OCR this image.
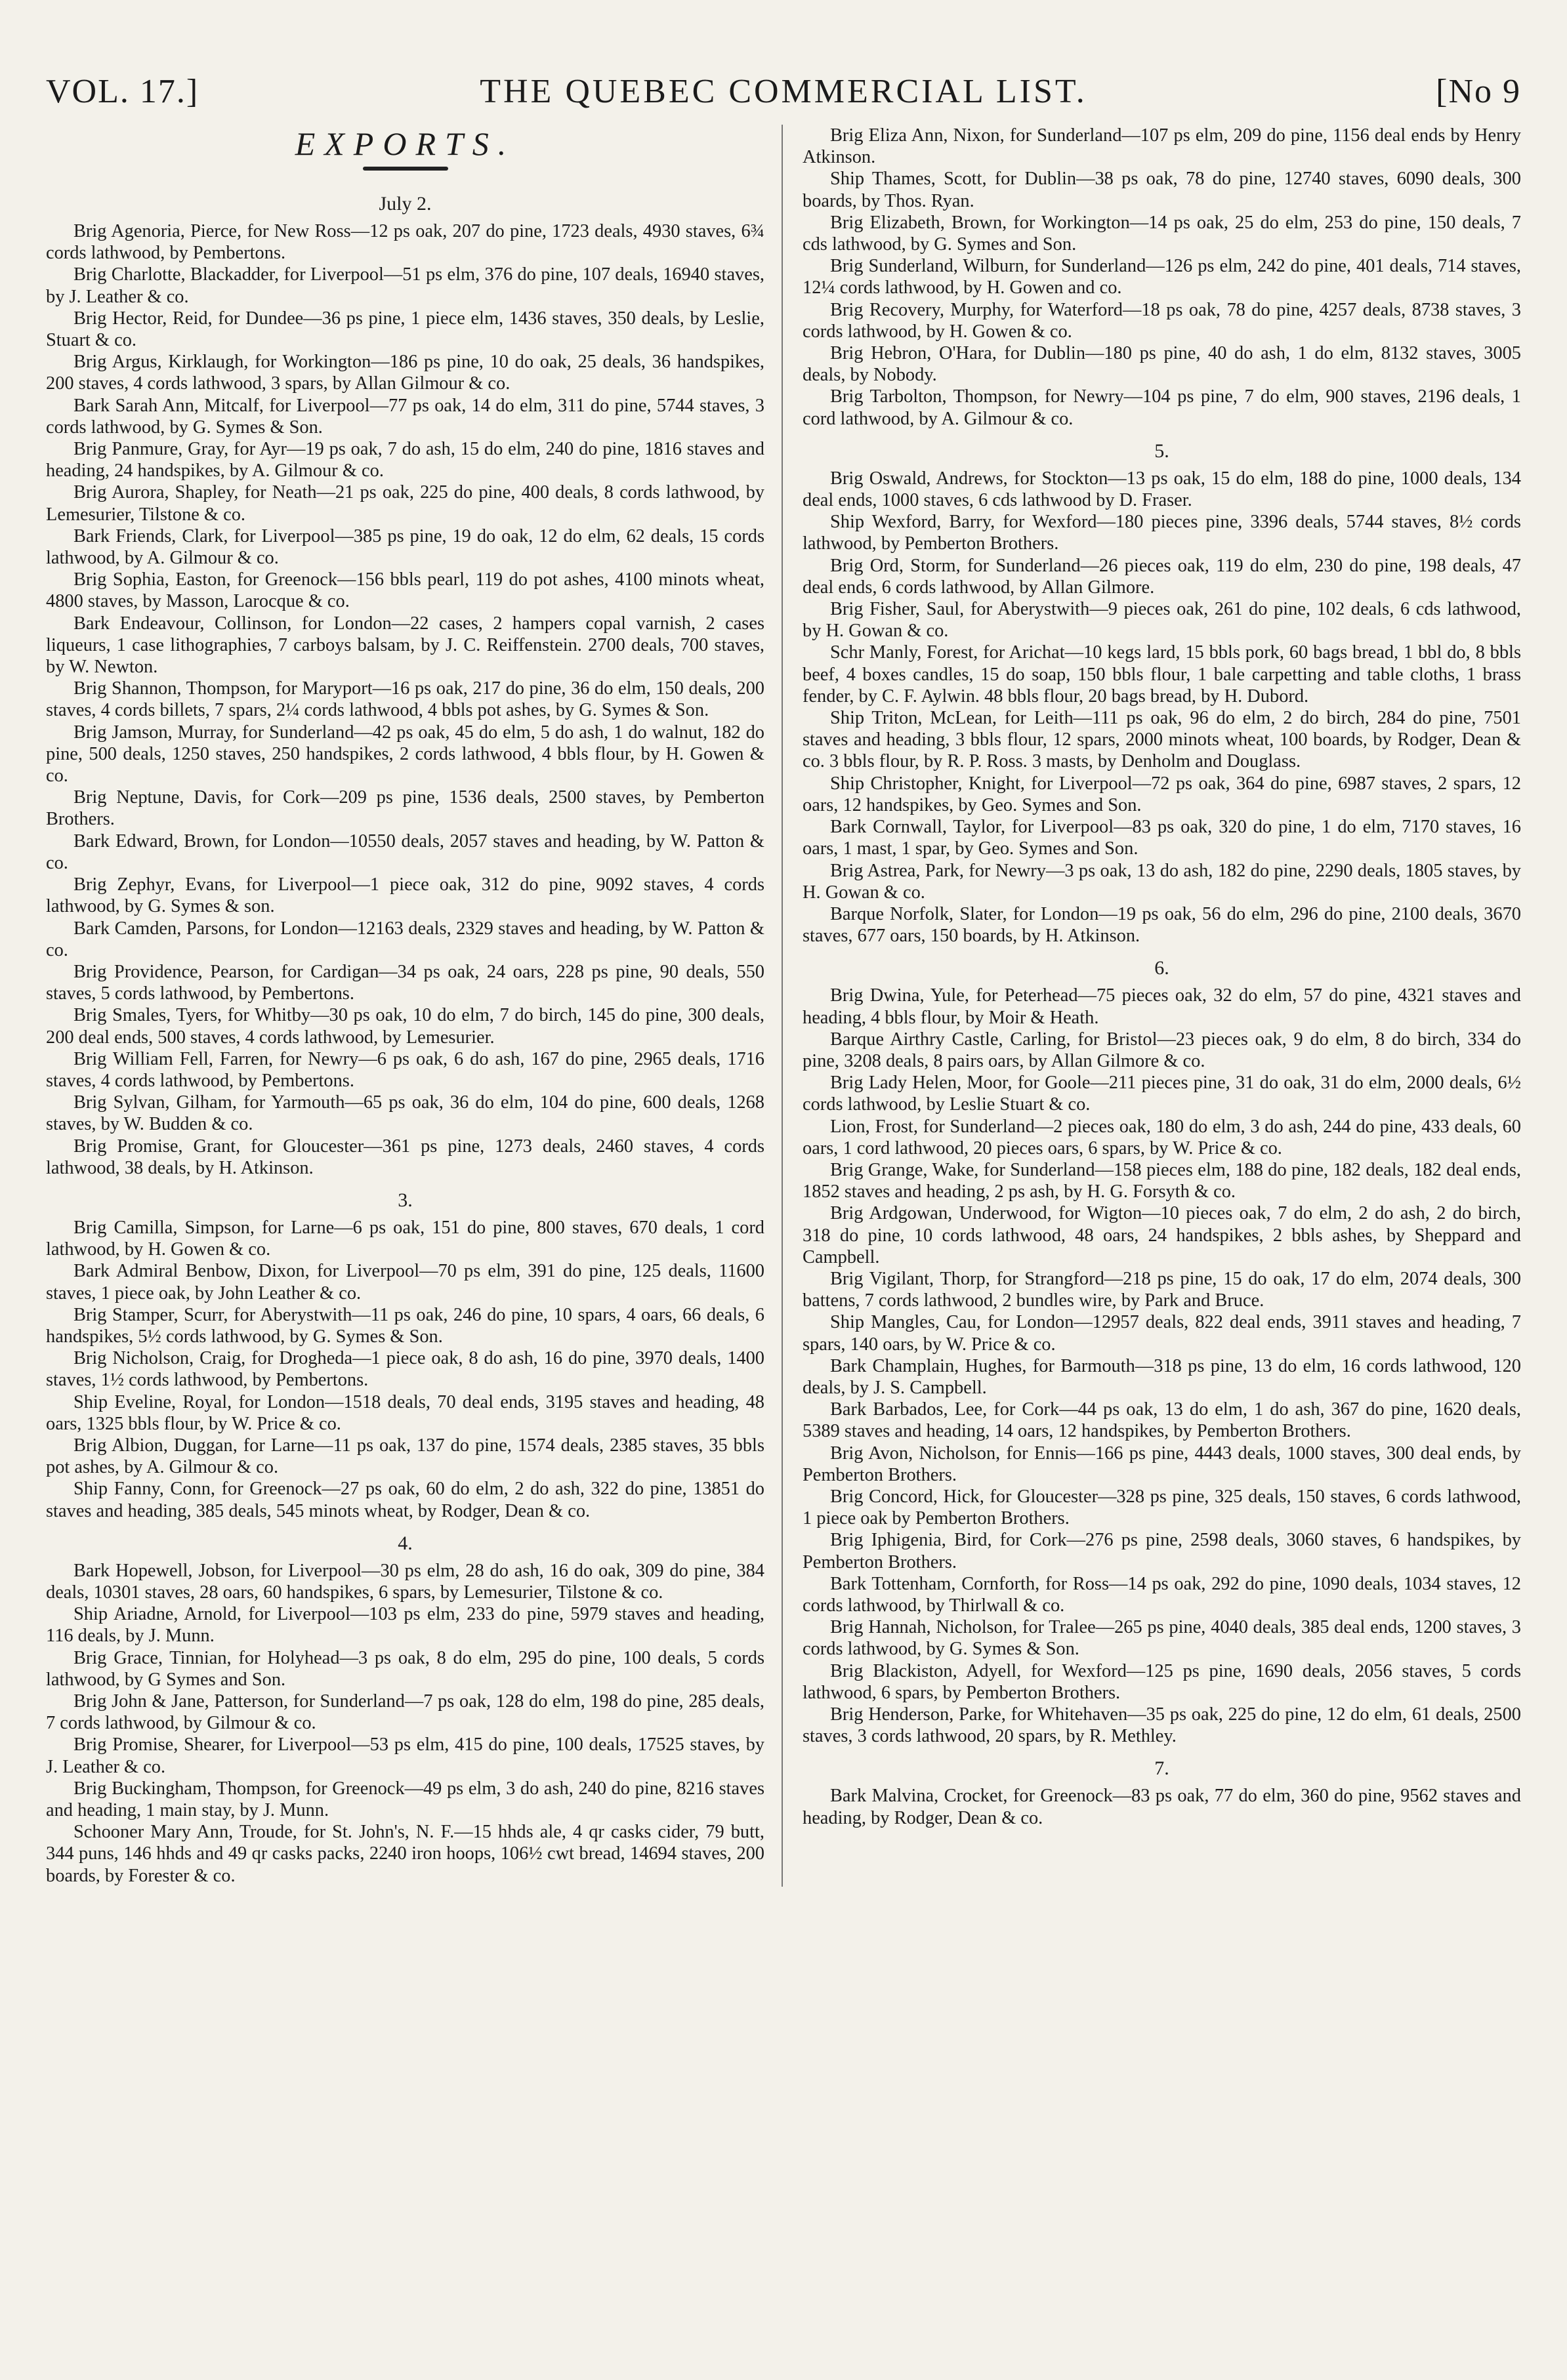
VOL. 17.]	THE QUEBEC COMMERCIAL LIST.	[No 9
EXPORTS.
July 2.

Brig Agenoria, Pierce, for New Ross—12 ps oak, 207 do pine, 1723 deals, 4930 staves, 6¾ cords lathwood, by Pembertons.

Brig Charlotte, Blackadder, for Liverpool—51 ps elm, 376 do pine, 107 deals, 16940 staves, by J. Leather & co.

Brig Hector, Reid, for Dundee—36 ps pine, 1 piece elm, 1436 staves, 350 deals, by Leslie, Stuart & co.

Brig Argus, Kirklaugh, for Workington—186 ps pine, 10 do oak, 25 deals, 36 handspikes, 200 staves, 4 cords lathwood, 3 spars, by Allan Gilmour & co.

Bark Sarah Ann, Mitcalf, for Liverpool—77 ps oak, 14 do elm, 311 do pine, 5744 staves, 3 cords lathwood, by G. Symes & Son.

Brig Panmure, Gray, for Ayr—19 ps oak, 7 do ash, 15 do elm, 240 do pine, 1816 staves and heading, 24 handspikes, by A. Gilmour & co.

Brig Aurora, Shapley, for Neath—21 ps oak, 225 do pine, 400 deals, 8 cords lathwood, by Lemesurier, Tilstone & co.

Bark Friends, Clark, for Liverpool—385 ps pine, 19 do oak, 12 do elm, 62 deals, 15 cords lathwood, by A. Gilmour & co.

Brig Sophia, Easton, for Greenock—156 bbls pearl, 119 do pot ashes, 4100 minots wheat, 4800 staves, by Masson, Larocque & co.

Bark Endeavour, Collinson, for London—22 cases, 2 hampers copal varnish, 2 cases liqueurs, 1 case lithographies, 7 carboys balsam, by J. C. Reiffenstein. 2700 deals, 700 staves, by W. Newton.

Brig Shannon, Thompson, for Maryport—16 ps oak, 217 do pine, 36 do elm, 150 deals, 200 staves, 4 cords billets, 7 spars, 2¼ cords lathwood, 4 bbls pot ashes, by G. Symes & Son.

Brig Jamson, Murray, for Sunderland—42 ps oak, 45 do elm, 5 do ash, 1 do walnut, 182 do pine, 500 deals, 1250 staves, 250 handspikes, 2 cords lathwood, 4 bbls flour, by H. Gowen & co.

Brig Neptune, Davis, for Cork—209 ps pine, 1536 deals, 2500 staves, by Pemberton Brothers.

Bark Edward, Brown, for London—10550 deals, 2057 staves and heading, by W. Patton & co.

Brig Zephyr, Evans, for Liverpool—1 piece oak, 312 do pine, 9092 staves, 4 cords lathwood, by G. Symes & son.

Bark Camden, Parsons, for London—12163 deals, 2329 staves and heading, by W. Patton & co.

Brig Providence, Pearson, for Cardigan—34 ps oak, 24 oars, 228 ps pine, 90 deals, 550 staves, 5 cords lathwood, by Pembertons.

Brig Smales, Tyers, for Whitby—30 ps oak, 10 do elm, 7 do birch, 145 do pine, 300 deals, 200 deal ends, 500 staves, 4 cords lathwood, by Lemesurier.

Brig William Fell, Farren, for Newry—6 ps oak, 6 do ash, 167 do pine, 2965 deals, 1716 staves, 4 cords lathwood, by Pembertons.

Brig Sylvan, Gilham, for Yarmouth—65 ps oak, 36 do elm, 104 do pine, 600 deals, 1268 staves, by W. Budden & co.

Brig Promise, Grant, for Gloucester—361 ps pine, 1273 deals, 2460 staves, 4 cords lathwood, 38 deals, by H. Atkinson.

3.

Brig Camilla, Simpson, for Larne—6 ps oak, 151 do pine, 800 staves, 670 deals, 1 cord lathwood, by H. Gowen & co.

Bark Admiral Benbow, Dixon, for Liverpool—70 ps elm, 391 do pine, 125 deals, 11600 staves, 1 piece oak, by John Leather & co.

Brig Stamper, Scurr, for Aberystwith—11 ps oak, 246 do pine, 10 spars, 4 oars, 66 deals, 6 handspikes, 5½ cords lathwood, by G. Symes & Son.

Brig Nicholson, Craig, for Drogheda—1 piece oak, 8 do ash, 16 do pine, 3970 deals, 1400 staves, 1½ cords lathwood, by Pembertons.

Ship Eveline, Royal, for London—1518 deals, 70 deal ends, 3195 staves and heading, 48 oars, 1325 bbls flour, by W. Price & co.

Brig Albion, Duggan, for Larne—11 ps oak, 137 do pine, 1574 deals, 2385 staves, 35 bbls pot ashes, by A. Gilmour & co.

Ship Fanny, Conn, for Greenock—27 ps oak, 60 do elm, 2 do ash, 322 do pine, 13851 do staves and heading, 385 deals, 545 minots wheat, by Rodger, Dean & co.

4.

Bark Hopewell, Jobson, for Liverpool—30 ps elm, 28 do ash, 16 do oak, 309 do pine, 384 deals, 10301 staves, 28 oars, 60 handspikes, 6 spars, by Lemesurier, Tilstone & co.

Ship Ariadne, Arnold, for Liverpool—103 ps elm, 233 do pine, 5979 staves and heading, 116 deals, by J. Munn.

Brig Grace, Tinnian, for Holyhead—3 ps oak, 8 do elm, 295 do pine, 100 deals, 5 cords lathwood, by G Symes and Son.

Brig John & Jane, Patterson, for Sunderland—7 ps oak, 128 do elm, 198 do pine, 285 deals, 7 cords lathwood, by Gilmour & co.

Brig Promise, Shearer, for Liverpool—53 ps elm, 415 do pine, 100 deals, 17525 staves, by J. Leather & co.

Brig Buckingham, Thompson, for Greenock—49 ps elm, 3 do ash, 240 do pine, 8216 staves and heading, 1 main stay, by J. Munn.

Schooner Mary Ann, Troude, for St. John's, N. F.—15 hhds ale, 4 qr casks cider, 79 butt, 344 puns, 146 hhds and 49 qr casks packs, 2240 iron hoops, 106½ cwt bread, 14694 staves, 200 boards, by Forester & co.

Brig Eliza Ann, Nixon, for Sunderland—107 ps elm, 209 do pine, 1156 deal ends by Henry Atkinson.

Ship Thames, Scott, for Dublin—38 ps oak, 78 do pine, 12740 staves, 6090 deals, 300 boards, by Thos. Ryan.

Brig Elizabeth, Brown, for Workington—14 ps oak, 25 do elm, 253 do pine, 150 deals, 7 cds lathwood, by G. Symes and Son.

Brig Sunderland, Wilburn, for Sunderland—126 ps elm, 242 do pine, 401 deals, 714 staves, 12¼ cords lathwood, by H. Gowen and co.

Brig Recovery, Murphy, for Waterford—18 ps oak, 78 do pine, 4257 deals, 8738 staves, 3 cords lathwood, by H. Gowen & co.

Brig Hebron, O'Hara, for Dublin—180 ps pine, 40 do ash, 1 do elm, 8132 staves, 3005 deals, by Nobody.

Brig Tarbolton, Thompson, for Newry—104 ps pine, 7 do elm, 900 staves, 2196 deals, 1 cord lathwood, by A. Gilmour & co.

5.

Brig Oswald, Andrews, for Stockton—13 ps oak, 15 do elm, 188 do pine, 1000 deals, 134 deal ends, 1000 staves, 6 cds lathwood by D. Fraser.

Ship Wexford, Barry, for Wexford—180 pieces pine, 3396 deals, 5744 staves, 8½ cords lathwood, by Pemberton Brothers.

Brig Ord, Storm, for Sunderland—26 pieces oak, 119 do elm, 230 do pine, 198 deals, 47 deal ends, 6 cords lathwood, by Allan Gilmore.

Brig Fisher, Saul, for Aberystwith—9 pieces oak, 261 do pine, 102 deals, 6 cds lathwood, by H. Gowan & co.

Schr Manly, Forest, for Arichat—10 kegs lard, 15 bbls pork, 60 bags bread, 1 bbl do, 8 bbls beef, 4 boxes candles, 15 do soap, 150 bbls flour, 1 bale carpetting and table cloths, 1 brass fender, by C. F. Aylwin. 48 bbls flour, 20 bags bread, by H. Dubord.

Ship Triton, McLean, for Leith—111 ps oak, 96 do elm, 2 do birch, 284 do pine, 7501 staves and heading, 3 bbls flour, 12 spars, 2000 minots wheat, 100 boards, by Rodger, Dean & co. 3 bbls flour, by R. P. Ross. 3 masts, by Denholm and Douglass.

Ship Christopher, Knight, for Liverpool—72 ps oak, 364 do pine, 6987 staves, 2 spars, 12 oars, 12 handspikes, by Geo. Symes and Son.

Bark Cornwall, Taylor, for Liverpool—83 ps oak, 320 do pine, 1 do elm, 7170 staves, 16 oars, 1 mast, 1 spar, by Geo. Symes and Son.

Brig Astrea, Park, for Newry—3 ps oak, 13 do ash, 182 do pine, 2290 deals, 1805 staves, by H. Gowan & co.

Barque Norfolk, Slater, for London—19 ps oak, 56 do elm, 296 do pine, 2100 deals, 3670 staves, 677 oars, 150 boards, by H. Atkinson.

6.

Brig Dwina, Yule, for Peterhead—75 pieces oak, 32 do elm, 57 do pine, 4321 staves and heading, 4 bbls flour, by Moir & Heath.

Barque Airthry Castle, Carling, for Bristol—23 pieces oak, 9 do elm, 8 do birch, 334 do pine, 3208 deals, 8 pairs oars, by Allan Gilmore & co.

Brig Lady Helen, Moor, for Goole—211 pieces pine, 31 do oak, 31 do elm, 2000 deals, 6½ cords lathwood, by Leslie Stuart & co.

Lion, Frost, for Sunderland—2 pieces oak, 180 do elm, 3 do ash, 244 do pine, 433 deals, 60 oars, 1 cord lathwood, 20 pieces oars, 6 spars, by W. Price & co.

Brig Grange, Wake, for Sunderland—158 pieces elm, 188 do pine, 182 deals, 182 deal ends, 1852 staves and heading, 2 ps ash, by H. G. Forsyth & co.

Brig Ardgowan, Underwood, for Wigton—10 pieces oak, 7 do elm, 2 do ash, 2 do birch, 318 do pine, 10 cords lathwood, 48 oars, 24 handspikes, 2 bbls ashes, by Sheppard and Campbell.

Brig Vigilant, Thorp, for Strangford—218 ps pine, 15 do oak, 17 do elm, 2074 deals, 300 battens, 7 cords lathwood, 2 bundles wire, by Park and Bruce.

Ship Mangles, Cau, for London—12957 deals, 822 deal ends, 3911 staves and heading, 7 spars, 140 oars, by W. Price & co.

Bark Champlain, Hughes, for Barmouth—318 ps pine, 13 do elm, 16 cords lathwood, 120 deals, by J. S. Campbell.

Bark Barbados, Lee, for Cork—44 ps oak, 13 do elm, 1 do ash, 367 do pine, 1620 deals, 5389 staves and heading, 14 oars, 12 handspikes, by Pemberton Brothers.

Brig Avon, Nicholson, for Ennis—166 ps pine, 4443 deals, 1000 staves, 300 deal ends, by Pemberton Brothers.

Brig Concord, Hick, for Gloucester—328 ps pine, 325 deals, 150 staves, 6 cords lathwood, 1 piece oak by Pemberton Brothers.

Brig Iphigenia, Bird, for Cork—276 ps pine, 2598 deals, 3060 staves, 6 handspikes, by Pemberton Brothers.

Bark Tottenham, Cornforth, for Ross—14 ps oak, 292 do pine, 1090 deals, 1034 staves, 12 cords lathwood, by Thirlwall & co.

Brig Hannah, Nicholson, for Tralee—265 ps pine, 4040 deals, 385 deal ends, 1200 staves, 3 cords lathwood, by G. Symes & Son.

Brig Blackiston, Adyell, for Wexford—125 ps pine, 1690 deals, 2056 staves, 5 cords lathwood, 6 spars, by Pemberton Brothers.

Brig Henderson, Parke, for Whitehaven—35 ps oak, 225 do pine, 12 do elm, 61 deals, 2500 staves, 3 cords lathwood, 20 spars, by R. Methley.

7.

Bark Malvina, Crocket, for Greenock—83 ps oak, 77 do elm, 360 do pine, 9562 staves and heading, by Rodger, Dean & co.
